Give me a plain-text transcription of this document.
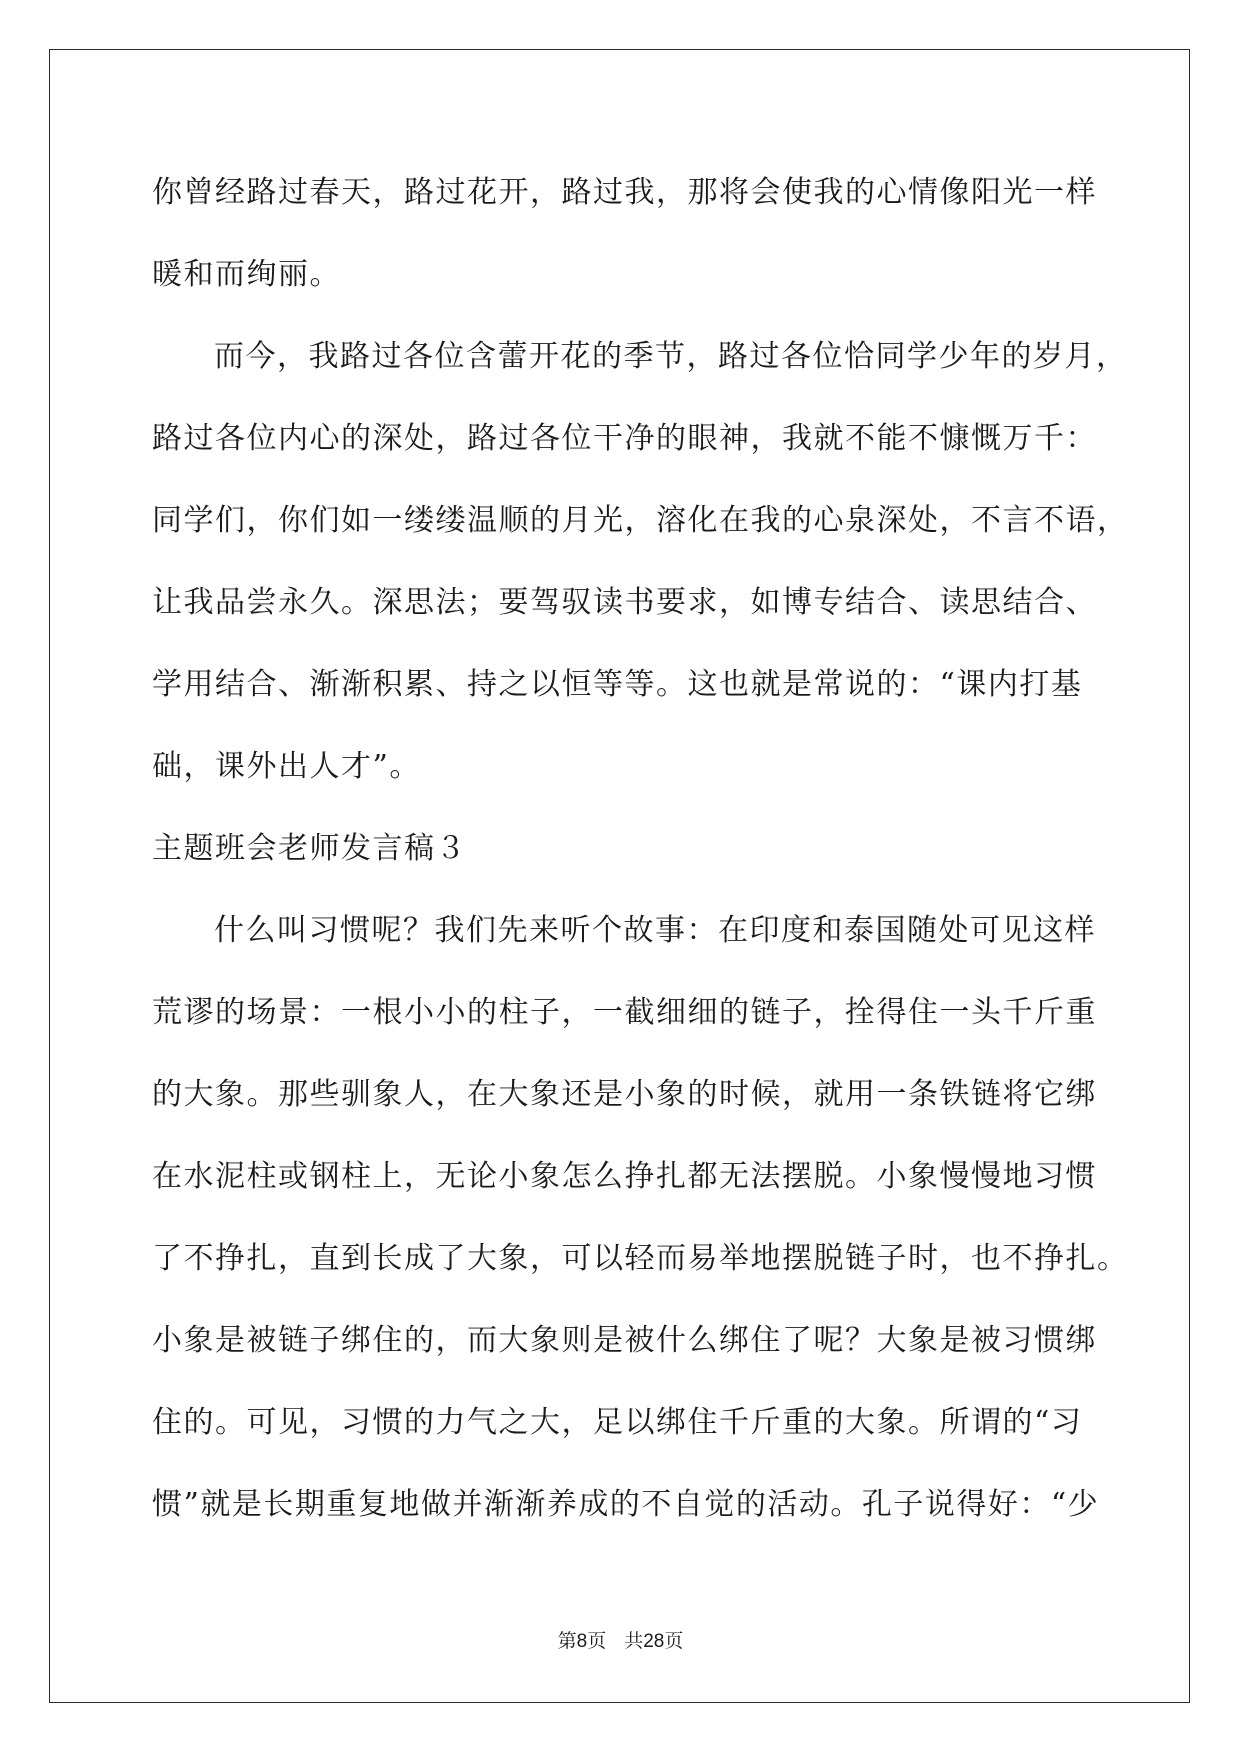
你曾经路过春天，路过花开，路过我，那将会使我的心情像阳光一样
暖和而绚丽。
而今，我路过各位含蕾开花的季节，路过各位恰同学少年的岁月，
路过各位内心的深处，路过各位干净的眼神，我就不能不慷慨万千：
同学们，你们如一缕缕温顺的月光，溶化在我的心泉深处，不言不语，
让我品尝永久。深思法；要驾驭读书要求，如博专结合、读思结合、
学用结合、渐渐积累、持之以恒等等。这也就是常说的：“课内打基
础，课外出人才”。
主题班会老师发言稿３
什么叫习惯呢？我们先来听个故事：在印度和泰国随处可见这样
荒谬的场景：一根小小的柱子，一截细细的链子，拴得住一头千斤重
的大象。那些驯象人，在大象还是小象的时候，就用一条铁链将它绑
在水泥柱或钢柱上，无论小象怎么挣扎都无法摆脱。小象慢慢地习惯
了不挣扎，直到长成了大象，可以轻而易举地摆脱链子时，也不挣扎。
小象是被链子绑住的，而大象则是被什么绑住了呢？大象是被习惯绑
住的。可见，习惯的力气之大，足以绑住千斤重的大象。所谓的“习
惯”就是长期重复地做并渐渐养成的不自觉的活动。孔子说得好：“少
第8页 共28页
